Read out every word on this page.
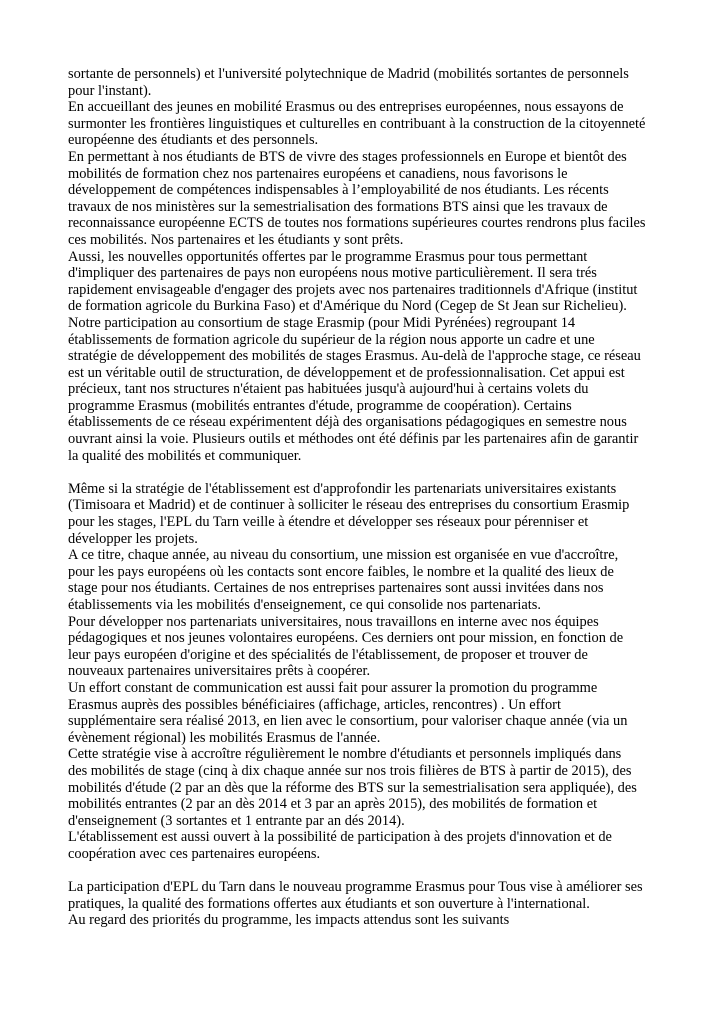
sortante de personnels) et l'université polytechnique de Madrid (mobilités sortantes de personnels
pour l'instant).
En accueillant des jeunes en mobilité Erasmus ou des entreprises européennes, nous essayons de
surmonter les frontières linguistiques et culturelles en contribuant à la construction de la citoyenneté
européenne des étudiants et des personnels.
En permettant à nos étudiants de BTS de vivre des stages professionnels en Europe et bientôt des
mobilités de formation chez nos partenaires européens et canadiens, nous favorisons le
développement de compétences indispensables à l’employabilité de nos étudiants. Les récents
travaux de nos ministères sur la semestrialisation des formations BTS ainsi que les travaux de
reconnaissance européenne ECTS de toutes nos formations supérieures courtes rendrons plus faciles
ces mobilités. Nos partenaires et les étudiants y sont prêts.
Aussi, les nouvelles opportunités offertes par le programme Erasmus pour tous permettant
d'impliquer des partenaires de pays non européens nous motive particulièrement. Il sera trés
rapidement envisageable d'engager des projets avec nos partenaires traditionnels d'Afrique (institut
de formation agricole du Burkina Faso) et d'Amérique du Nord (Cegep de St Jean sur Richelieu).
Notre participation au consortium de stage Erasmip (pour Midi Pyrénées) regroupant 14
établissements de formation agricole du supérieur de la région nous apporte un cadre et une
stratégie de développement des mobilités de stages Erasmus. Au-delà de l'approche stage, ce réseau
est un véritable outil de structuration, de développement et de professionnalisation. Cet appui est
précieux, tant nos structures n'étaient pas habituées jusqu'à aujourd'hui à certains volets du
programme Erasmus (mobilités entrantes d'étude, programme de coopération). Certains
établissements de ce réseau expérimentent déjà des organisations pédagogiques en semestre nous
ouvrant ainsi la voie. Plusieurs outils et méthodes ont été définis par les partenaires afin de garantir
la qualité des mobilités et communiquer.
Même si la stratégie de l'établissement est d'approfondir les partenariats universitaires existants
(Timisoara et Madrid) et de continuer à solliciter le réseau des entreprises du consortium Erasmip
pour les stages, l'EPL du Tarn veille à étendre et développer ses réseaux pour pérenniser et
développer les projets.
A ce titre, chaque année, au niveau du consortium, une mission est organisée en vue d'accroître,
pour les pays européens où les contacts sont encore faibles, le nombre et la qualité des lieux de
stage pour nos étudiants. Certaines de nos entreprises partenaires sont aussi invitées dans nos
établissements via les mobilités d'enseignement, ce qui consolide nos partenariats.
Pour développer nos partenariats universitaires, nous travaillons en interne avec nos équipes
pédagogiques et nos jeunes volontaires européens. Ces derniers ont pour mission, en fonction de
leur pays européen d'origine et des spécialités de l'établissement, de proposer et trouver de
nouveaux partenaires universitaires prêts à coopérer.
Un effort constant de communication est aussi fait pour assurer la promotion du programme
Erasmus auprès des possibles bénéficiaires (affichage, articles, rencontres) . Un effort
supplémentaire sera réalisé 2013, en lien avec le consortium, pour valoriser chaque année (via un
évènement régional) les mobilités Erasmus de l'année.
Cette stratégie vise à accroître régulièrement le nombre d'étudiants et personnels impliqués dans
des mobilités de stage (cinq à dix chaque année sur nos trois filières de BTS à partir de 2015), des
mobilités d'étude (2 par an dès que la réforme des BTS sur la semestrialisation sera appliquée), des
mobilités entrantes (2 par an dès 2014 et 3 par an après 2015), des mobilités de formation et
d'enseignement (3 sortantes et 1 entrante par an dés 2014).
L'établissement est aussi ouvert à la possibilité de participation à des projets d'innovation et de
coopération avec ces partenaires européens.
La participation d'EPL du Tarn dans le nouveau programme Erasmus pour Tous vise à améliorer ses
pratiques, la qualité des formations offertes aux étudiants et son ouverture à l'international.
Au regard des priorités du programme, les impacts attendus sont les suivants
